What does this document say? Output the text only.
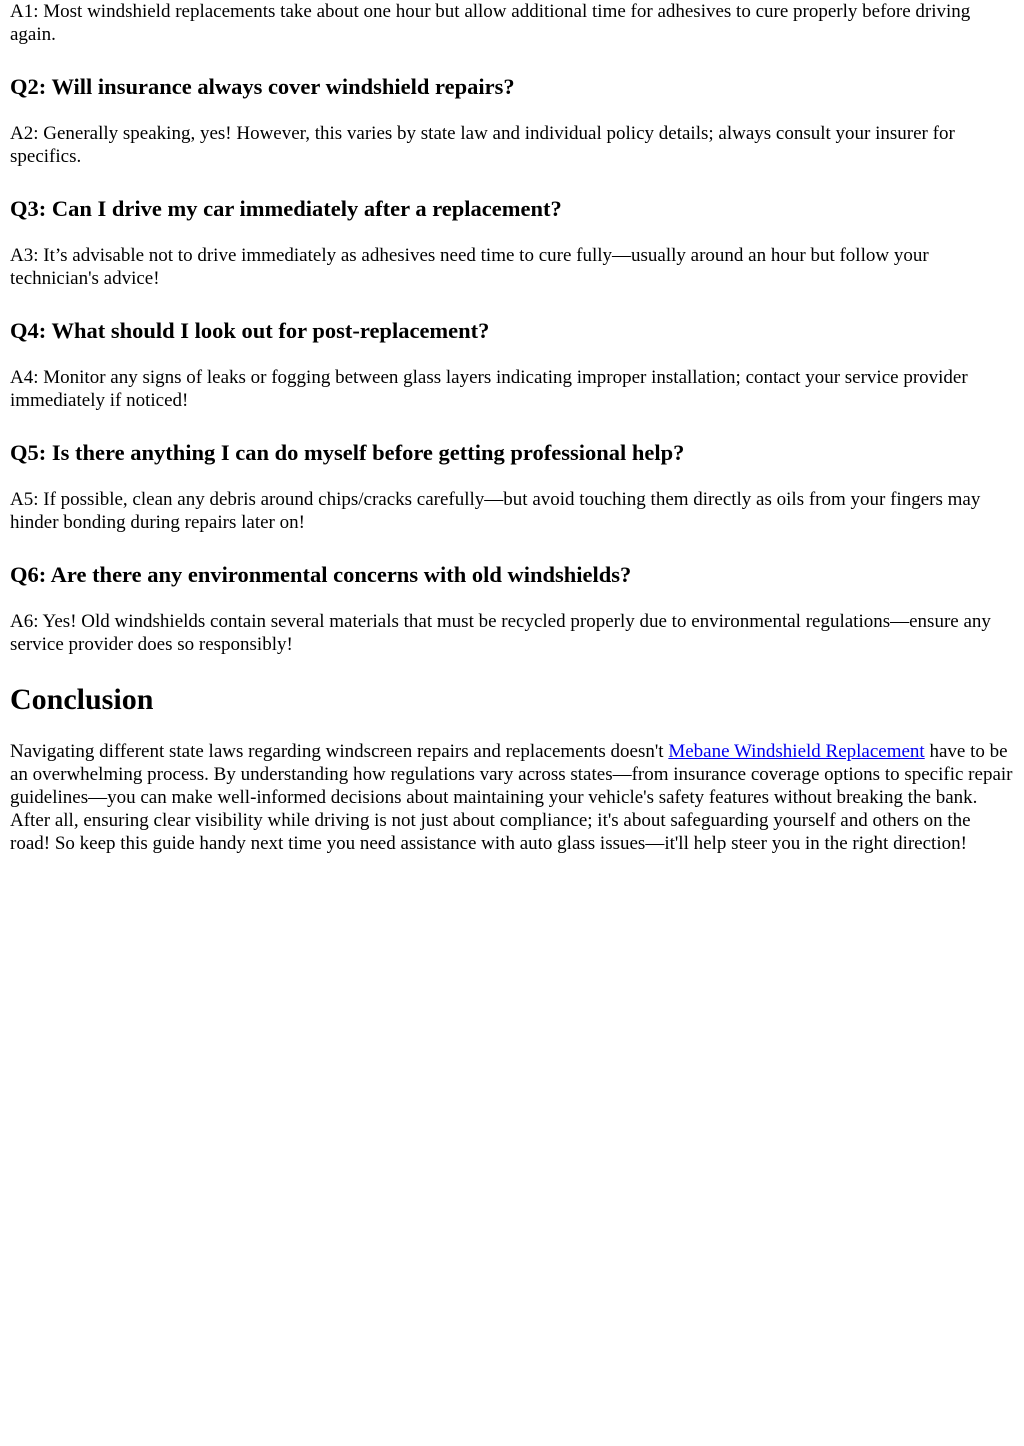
A1: Most windshield replacements take about one hour but allow additional time for adhesives to cure properly before driving again.

Q2: Will insurance always cover windshield repairs?

A2: Generally speaking, yes! However, this varies by state law and individual policy details; always consult your insurer for specifics.

Q3: Can I drive my car immediately after a replacement?

A3: It’s advisable not to drive immediately as adhesives need time to cure fully—usually around an hour but follow your technician's advice!

Q4: What should I look out for post-replacement?

A4: Monitor any signs of leaks or fogging between glass layers indicating improper installation; contact your service provider immediately if noticed!

Q5: Is there anything I can do myself before getting professional help?

A5: If possible, clean any debris around chips/cracks carefully—but avoid touching them directly as oils from your fingers may hinder bonding during repairs later on!

Q6: Are there any environmental concerns with old windshields?

A6: Yes! Old windshields contain several materials that must be recycled properly due to environmental regulations—ensure any service provider does so responsibly!

Conclusion

Navigating different state laws regarding windscreen repairs and replacements doesn't Mebane Windshield Replacement have to be an overwhelming process. By understanding how regulations vary across states—from insurance coverage options to specific repair guidelines—you can make well-informed decisions about maintaining your vehicle's safety features without breaking the bank. After all, ensuring clear visibility while driving is not just about compliance; it's about safeguarding yourself and others on the road! So keep this guide handy next time you need assistance with auto glass issues—it'll help steer you in the right direction!
